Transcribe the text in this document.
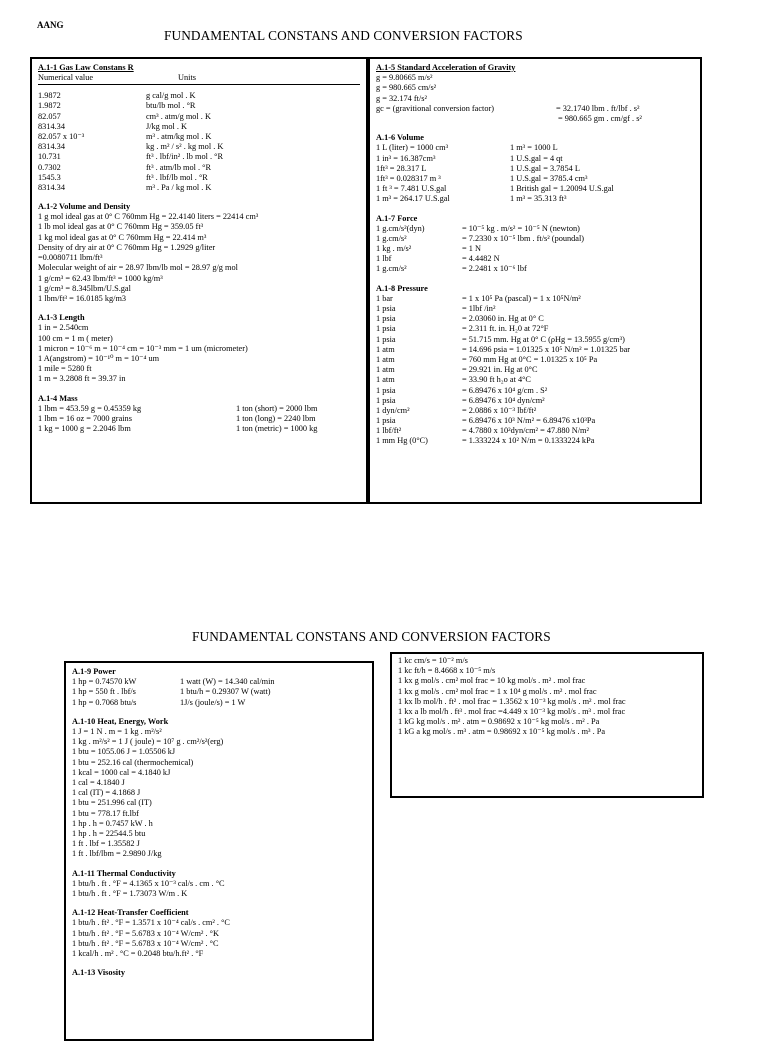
AANG
FUNDAMENTAL CONSTANS AND CONVERSION FACTORS
A.1-1 Gas Law Constans R
Numerical value	Units
1.9872	g cal/g mol . K
1.9872	btu/lb mol . °R
82.057	cm³ . atm/g mol . K
8314.34	J/kg mol . K
82.057 x 10⁻³	m³ . atm/kg mol . K
8314.34	kg . m² / s² . kg mol . K
10.731	ft³ . lbf/in² . lb mol . °R
0.7302	ft³ . atm/lb mol . °R
1545.3	ft³ . lbf/lb mol . °R
8314.34	m³ . Pa / kg mol . K
A.1-2 Volume and Density
1 g mol ideal gas at 0° C 760mm Hg = 22.4140 liters = 22414 cm³
1 lb mol ideal gas at 0° C 760mm Hg = 359.05 ft³
1 kg mol ideal gas at 0° C 760mm Hg = 22.414 m³
Density of dry air at 0° C 760mm Hg = 1.2929 g/liter
=0.0080711 lbm/ft³
Molecular weight of air = 28.97 lbm/lb mol = 28.97 g/g mol
1 g/cm³ = 62.43 lbm/ft³ = 1000 kg/m³
1 g/cm³ = 8.345lbm/U.S.gal
1 lbm/ft³ = 16.0185 kg/m3
A.1-3 Length
1 in = 2.540cm
100 cm = 1 m ( meter)
1 micron = 10⁻⁶ m = 10⁻⁴ cm = 10⁻³ mm = 1 um (micrometer)
1 A(angstrom) = 10⁻¹⁰ m = 10⁻⁴ um
1 mile = 5280 ft
1 m = 3.2808 ft = 39.37 in
A.1-4 Mass
1 lbm = 453.59 g = 0.45359 kg	1 ton (short) = 2000 lbm
1 lbm = 16 oz = 7000 grains	1 ton (long) = 2240 lbm
1 kg = 1000 g = 2.2046 lbm	1 ton (metric) = 1000 kg
A.1-5 Standard Acceleration of Gravity
g = 9.80665 m/s²
g = 980.665 cm/s²
g = 32.174 ft/s²
gc = (gravitional conversion factor)	= 32.1740 lbm . ft/lbf . s²
= 980.665 gm . cm/gf . s²
A.1-6 Volume
1 L (liter) = 1000 cm³	1 m³ = 1000 L
1 in³ = 16.387cm³	1 U.S.gal = 4 qt
1ft³ = 28.317 L	1 U.S.gal = 3.7854 L
1ft³ = 0.028317 m ³	1 U.S.gal = 3785.4 cm³
1 ft ³ = 7.481 U.S.gal	1 British gal = 1.20094 U.S.gal
1 m³ = 264.17 U.S.gal	1 m³ = 35.313 ft³
A.1-7 Force
1 g.cm/s²(dyn)	= 10⁻⁵ kg . m/s² = 10⁻⁵ N (newton)
1 g.cm/s²	= 7.2330 x 10⁻⁵ lbm . ft/s² (poundal)
1 kg . m/s²	= 1 N
1 lbf	= 4.4482 N
1 g.cm/s²	= 2.2481 x 10⁻⁶ lbf
A.1-8 Pressure
1 bar	= 1 x 10⁵ Pa (pascal) = 1 x 10⁵N/m²
1 psia	= 1lbf /in²
1 psia	= 2.03060 in. Hg at 0° C
1 psia	= 2.311 ft. in. H₂0 at 72°F
1 psia	= 51.715 mm. Hg at 0° C (ρHg = 13.5955 g/cm³)
1 atm	= 14.696 psia = 1.01325 x 10⁵ N/m² = 1.01325 bar
1 atm	= 760 mm Hg at 0°C = 1.01325 x 10⁵ Pa
1 atm	= 29.921 in. Hg at 0°C
1 atm	= 33.90 ft h₂o at 4°C
1 psia	= 6.89476 x 10⁴ g/cm . S²
1 psia	= 6.89476 x 10⁴ dyn/cm²
1 dyn/cm²	= 2.0886 x 10⁻³ lbf/ft²
1 psia	= 6.89476 x 10³ N/m² = 6.89476 x10³Pa
1 lbf/ft²	= 4.7880 x 10²dyn/cm² = 47.880 N/m²
1 mm Hg (0°C)	= 1.333224 x 10² N/m = 0.1333224 kPa
FUNDAMENTAL CONSTANS AND CONVERSION FACTORS
1 kc cm/s = 10⁻² m/s
1 kc ft/h = 8.4668 x 10⁻⁵ m/s
1 kx g mol/s . cm² mol frac = 10 kg mol/s . m² . mol frac
1 kx g mol/s . cm² mol frac = 1 x 10⁴ g mol/s . m² . mol frac
1 kx lb mol/h . ft² . mol frac = 1.3562 x 10⁻³ kg mol/s . m² . mol frac
1 kx a lb mol/h . ft³ . mol frac =4.449 x 10⁻³ kg mol/s . m³ . mol frac
1 kG kg mol/s . m² . atm = 0.98692 x 10⁻⁵ kg mol/s . m² . Pa
1 kG a kg mol/s . m³ . atm = 0.98692 x 10⁻⁵ kg mol/s . m³ . Pa
A.1-9 Power
1 hp = 0.74570 kW	1 watt (W) = 14.340 cal/min
1 hp = 550 ft . lbf/s	1 btu/h = 0.29307 W (watt)
1 hp = 0.7068 btu/s	1J/s (joule/s) = 1 W
A.1-10 Heat, Energy, Work
1 J = 1 N . m = 1 kg . m²/s²
1 kg . m²/s² = 1 J ( joule) = 10⁷ g . cm²/s²(erg)
1 btu = 1055.06 J = 1.05506 kJ
1 btu = 252.16 cal (thermochemical)
1 kcal = 1000 cal = 4.1840 kJ
1 cal = 4.1840 J
1 cal (IT) = 4.1868 J
1 btu = 251.996 cal (IT)
1 btu = 778.17 ft.lbf
1 hp . h = 0.7457 kW . h
1 hp . h = 22544.5 btu
1 ft . lbf = 1.35582 J
1 ft . lbf/lbm = 2.9890 J/kg
A.1-11 Thermal Conductivity
1 btu/h . ft . °F = 4.1365 x 10⁻³ cal/s . cm . °C
1 btu/h . ft . °F = 1.73073 W/m . K
A.1-12 Heat-Transfer Coefficient
1 btu/h . ft² . °F = 1.3571 x 10⁻⁴ cal/s . cm² . °C
1 btu/h . ft² . °F = 5.6783 x 10⁻⁴ W/cm² . °K
1 btu/h . ft² . °F = 5.6783 x 10⁻⁴ W/cm² . °C
1 kcal/h . m² . °C = 0.2048 btu/h.ft² . °F
A.1-13 Visosity
